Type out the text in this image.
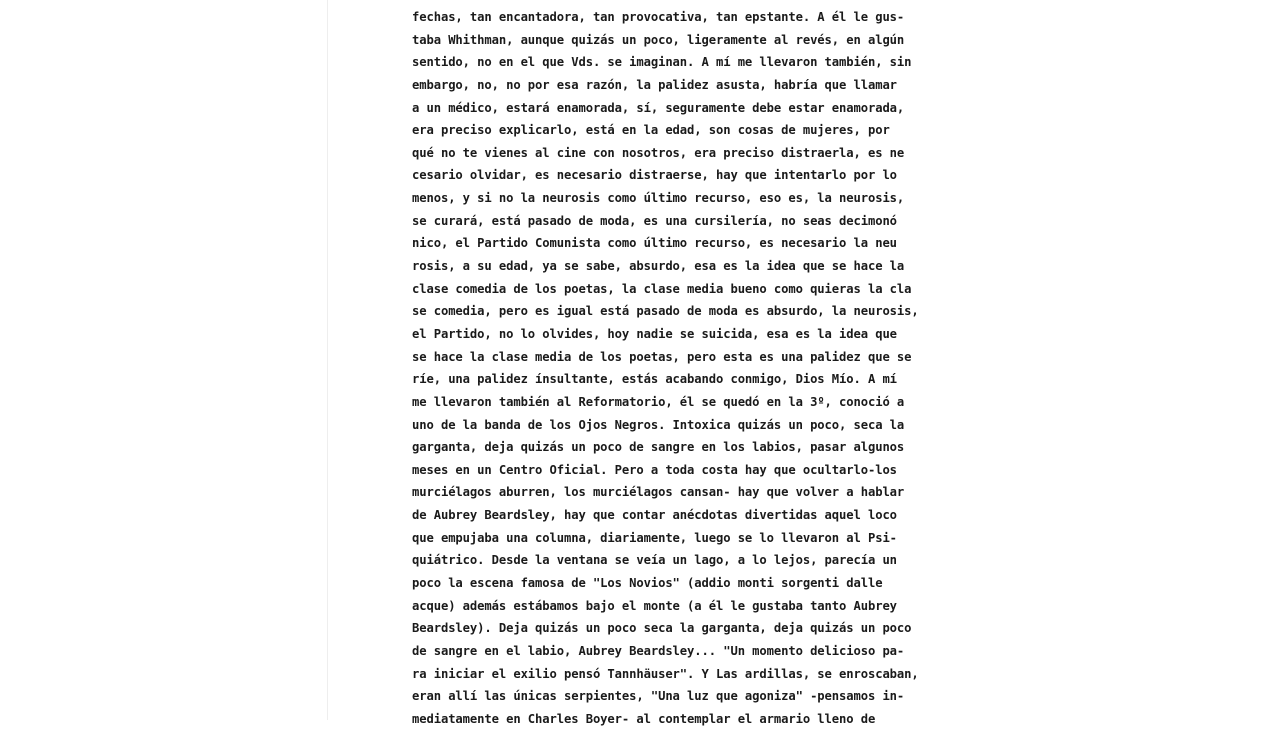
fechas, tan encantadora, tan provocativa, tan epstante. A él le gus-
taba Whithman, aunque quizás un poco, ligeramente al revés, en algún
sentido, no en el que Vds. se imaginan. A mí me llevaron también, sin
embargo, no, no por esa razón, la palidez asusta, habría que llamar
a un médico, estará enamorada, sí, seguramente debe estar enamorada,
era preciso explicarlo, está en la edad, son cosas de mujeres, por
qué no te vienes al cine con nosotros, era preciso distraerla, es ne
cesario olvidar, es necesario distraerse, hay que intentarlo por lo
menos, y si no la neurosis como último recurso, eso es, la neurosis,
se curará, está pasado de moda, es una cursilería, no seas decimonó
nico, el Partido Comunista como último recurso, es necesario la neu
rosis, a su edad, ya se sabe, absurdo, esa es la idea que se hace la
clase comedia de los poetas, la clase media bueno como quieras la cla
se comedia, pero es igual está pasado de moda es absurdo, la neurosis,
el Partido, no lo olvides, hoy nadie se suicida, esa es la idea que
se hace la clase media de los poetas, pero esta es una palidez que se
ríe, una palidez ínsultante, estás acabando conmigo, Dios Mío. A mí
me llevaron también al Reformatorio, él se quedó en la 3º, conoció a
uno de la banda de los Ojos Negros. Intoxica quizás un poco, seca la
garganta, deja quizás un poco de sangre en los labios, pasar algunos
meses en un Centro Oficial. Pero a toda costa hay que ocultarlo-los
murciélagos aburren, los murciélagos cansan- hay que volver a hablar
de Aubrey Beardsley, hay que contar anécdotas divertidas aquel loco
que empujaba una columna, diariamente, luego se lo llevaron al Psi-
quiátrico. Desde la ventana se veía un lago, a lo lejos, parecía un
poco la escena famosa de "Los Novios" (addio monti sorgenti dalle
acque) además estábamos bajo el monte (a él le gustaba tanto Aubrey
Beardsley). Deja quizás un poco seca la garganta, deja quizás un poco
de sangre en el labio, Aubrey Beardsley... "Un momento delicioso pa-
ra iniciar el exilio pensó Tannhäuser". Y Las ardillas, se enroscaban,
eran allí las únicas serpientes, "Una luz que agoniza" -pensamos in-
mediatamente en Charles Boyer- al contemplar el armario lleno de
